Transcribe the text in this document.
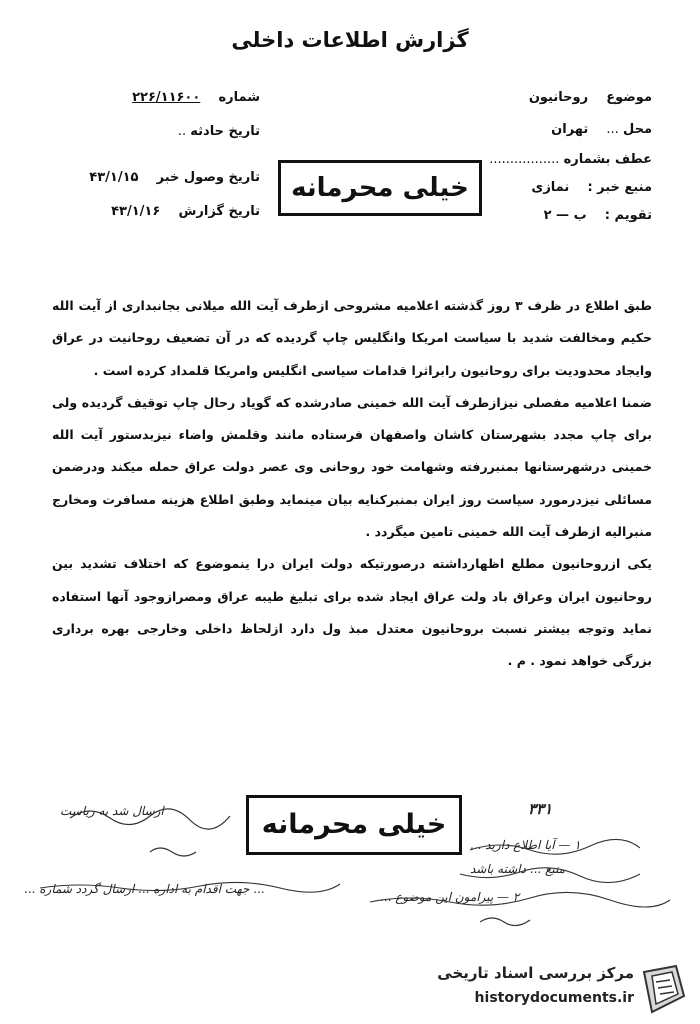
گزارش اطلاعات داخلی
موضوع روحانیون
محل ... تهران
عطف بشماره .................
منبع خبر : نمازی
تقویم : ب — ۲
شماره ۲۲۶/۱۱۶۰۰
تاریخ حادثه ..
تاریخ وصول خبر ۴۳/۱/۱۵
تاریخ گزارش ۴۳/۱/۱۶
خیلی محرمانه

طبق اطلاع در ظرف ۳ روز گذشته اعلامیه مشروحی ازطرف آیت الله میلانی بجانبداری از آیت الله حکیم ومخالفت شدید با سیاست امریکا وانگلیس چاپ گردیده که در آن تضعیف روحانیت در عراق وایجاد محدودیت برای روحانیون رابراثرا قدامات سیاسی انگلیس وامریکا قلمداد کرده است .

ضمنا اعلامیه مفصلی نیزازطرف آیت الله خمینی صادرشده که گویاد رحال چاپ توقیف گردیده ولی برای چاپ مجدد بشهرستان کاشان واصفهان فرستاده مانند وقلمش واضاء نیزبدستور آیت الله خمینی درشهرستانها بمنبررفته وشهامت خود روحانی وی عصر دولت عراق حمله میکند ودرضمن مسائلی نیزدرمورد سیاست روز ایران بمنبرکنایه بیان مینماید وطبق اطلاع هزینه مسافرت ومخارج منبرالیه ازطرف آیت الله خمینی تامین میگردد .

یکی ازروحانیون مطلع اظهارداشته درصورتیکه دولت ایران درا ینموضوع که اختلاف تشدید بین روحانیون ایران وعراق باد ولت عراق ایجاد شده برای تبلیغ طیبه عراق ومصرازوجود آنها استفاده نماید وتوجه بیشتر نسبت بروحانیون معتدل مبذ ول دارد ازلحاظ داخلی وخارجی بهره برداری بزرگی خواهد نمود . م .

ارسال شد به ریاست	۳۳۱
۱ — آیا اطلاع دارید ...
منبع ... داشته باشد
۲ — پیرامون این موضوع ...
... جهت اقدام به اداره ... ارسال گردد شماره ...
خیلی محرمانه
مرکز بررسی اسناد تاریخی
historydocuments.ir
